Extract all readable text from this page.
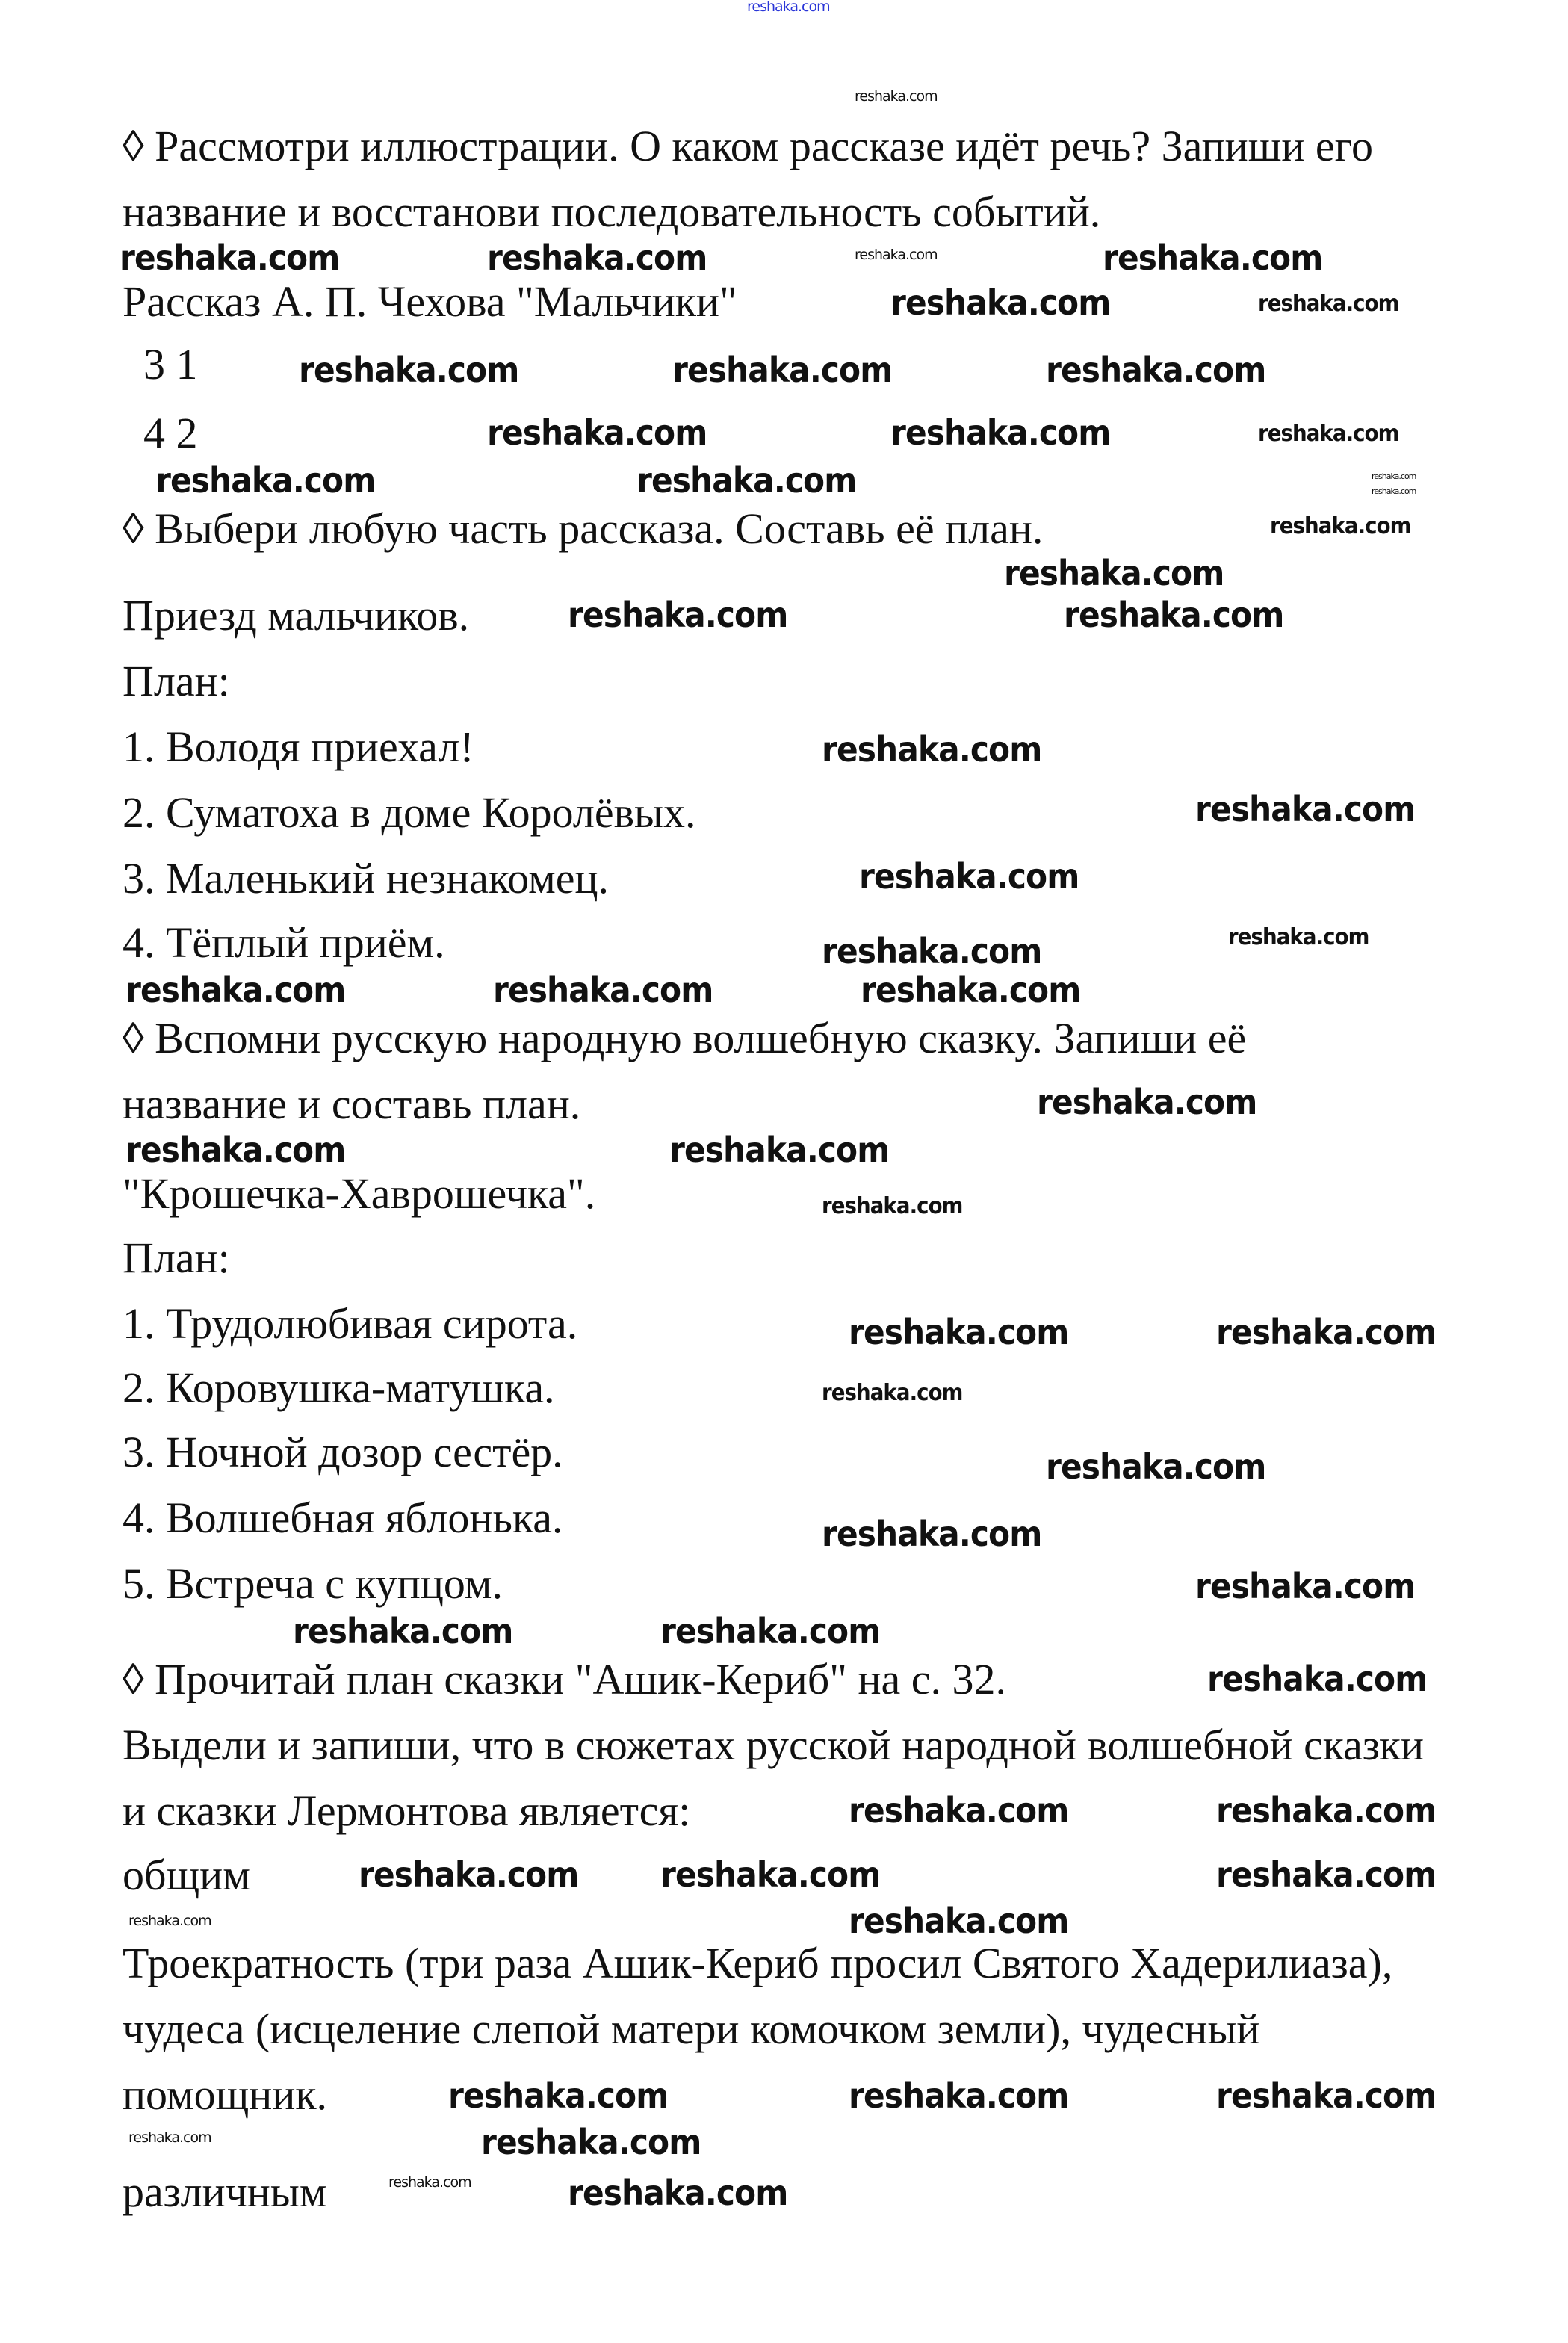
◊ Рассмотри иллюстрации. О каком рассказе идёт речь? Запиши его
название и восстанови последовательность событий.
Рассказ А. П. Чехова "Мальчики"
3 1
4 2
◊ Выбери любую часть рассказа. Составь её план.
Приезд мальчиков.
План:
1. Володя приехал!
2. Суматоха в доме Королёвых.
3. Маленький незнакомец.
4. Тёплый приём.
◊ Вспомни русскую народную волшебную сказку. Запиши её
название и составь план.
"Крошечка-Хаврошечка".
План:
1. Трудолюбивая сирота.
2. Коровушка-матушка.
3. Ночной дозор сестёр.
4. Волшебная яблонька.
5. Встреча с купцом.
◊ Прочитай план сказки "Ашик-Кериб" на с. 32.
Выдели и запиши, что в сюжетах русской народной волшебной сказки
и сказки Лермонтова является:
общим
Троекратность (три раза Ашик-Кериб просил Святого Хадерилиаза),
чудеса (исцеление слепой матери комочком земли), чудесный
помощник.
различным
reshaka.com
reshaka.com
reshaka.com	reshaka.com	reshaka.com
reshaka.com
reshaka.com	reshaka.com
reshaka.com	reshaka.com	reshaka.com
reshaka.com	reshaka.com	reshaka.com
reshaka.com	reshaka.com	reshaka.com
reshaka.com
reshaka.com
reshaka.com
reshaka.com	reshaka.com
reshaka.com
reshaka.com
reshaka.com
reshaka.com
reshaka.com
reshaka.com	reshaka.com	reshaka.com
reshaka.com
reshaka.com	reshaka.com
reshaka.com
reshaka.com	reshaka.com
reshaka.com
reshaka.com
reshaka.com
reshaka.com
reshaka.com	reshaka.com
reshaka.com
reshaka.com	reshaka.com
reshaka.com reshaka.com	reshaka.com
reshaka.com	reshaka.com
reshaka.com	reshaka.com	reshaka.com
reshaka.com	reshaka.com
reshaka.com	reshaka.com
